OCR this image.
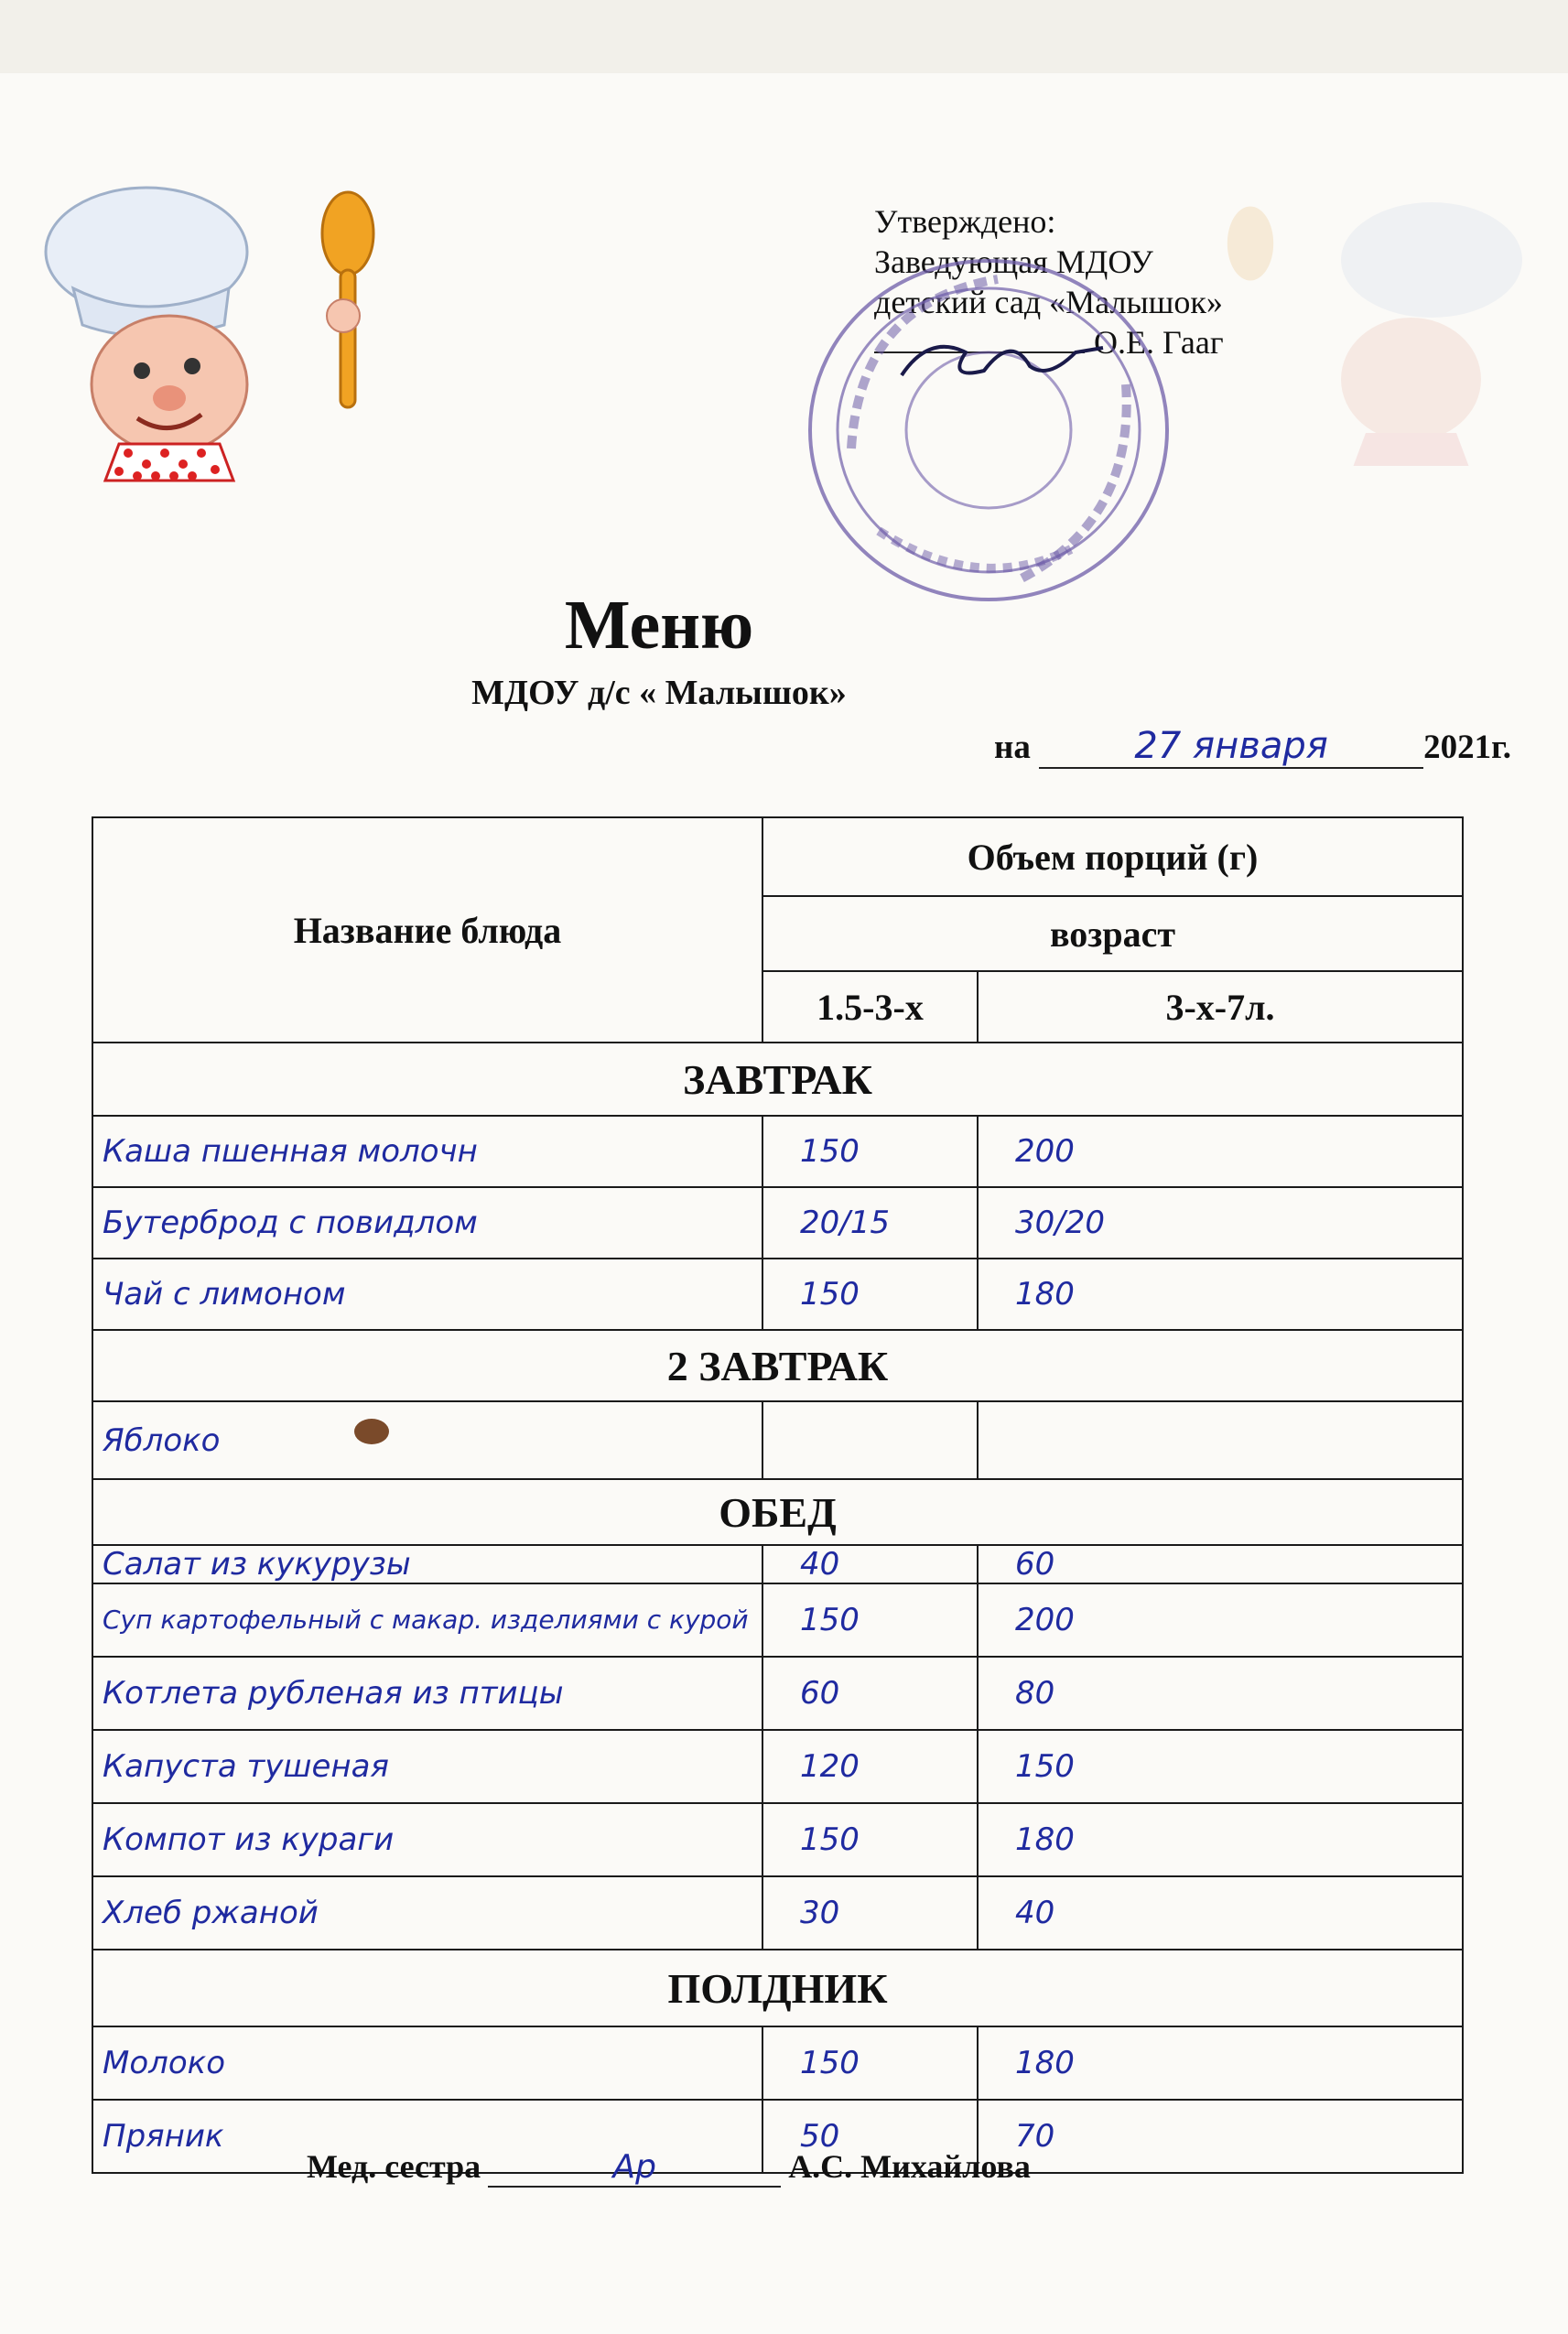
Утверждено:
Заведующая МДОУ
детский сад «Малышок»
О.Е. Гааг
Меню
МДОУ д/с « Малышок»
на	27 января	2021г.
Название блюда	Объем порций (г)	
	возраст	
	1.5-3-х	3-х-7л.
ЗАВТРАК		
Каша пшенная молочн	150	200
Бутерброд с повидлом	20/15	30/20
Чай с лимоном	150	180
2 ЗАВТРАК		
Яблоко		
ОБЕД		
Салат из кукурузы	40	60
Суп картофельный с макар. изделиями с курой	150	200
Котлета рубленая из птицы	60	80
Капуста тушеная	120	150
Компот из кураги	150	180
Хлеб ржаной	30	40
ПОЛДНИК		
Молоко	150	180
Пряник	50	70
Мед. сестра	Ар	А.С. Михайлова
